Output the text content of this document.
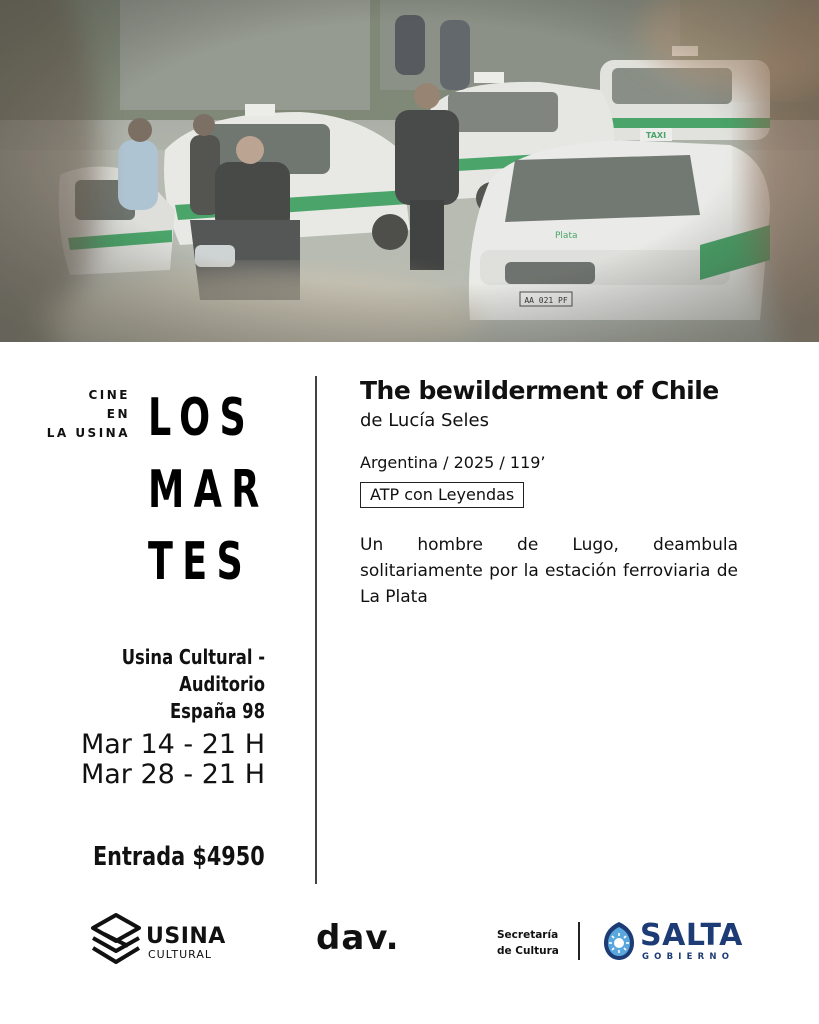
CINE
EN
LA USINA LOS
MAR
TES
Usina Cultural - Auditorio
España 98
Mar 14 - 21 H
Mar 28 - 21 H
Entrada $4950
The bewilderment of Chile
de Lucía Seles
Argentina / 2025 / 119’
ATP con Leyendas
Un hombre de Lugo, deambula solitariamente por la estación ferroviaria de La Plata
USINA
CULTURAL	dav.	Secretaría
de Cultura	SALTA
GOBIERNO
